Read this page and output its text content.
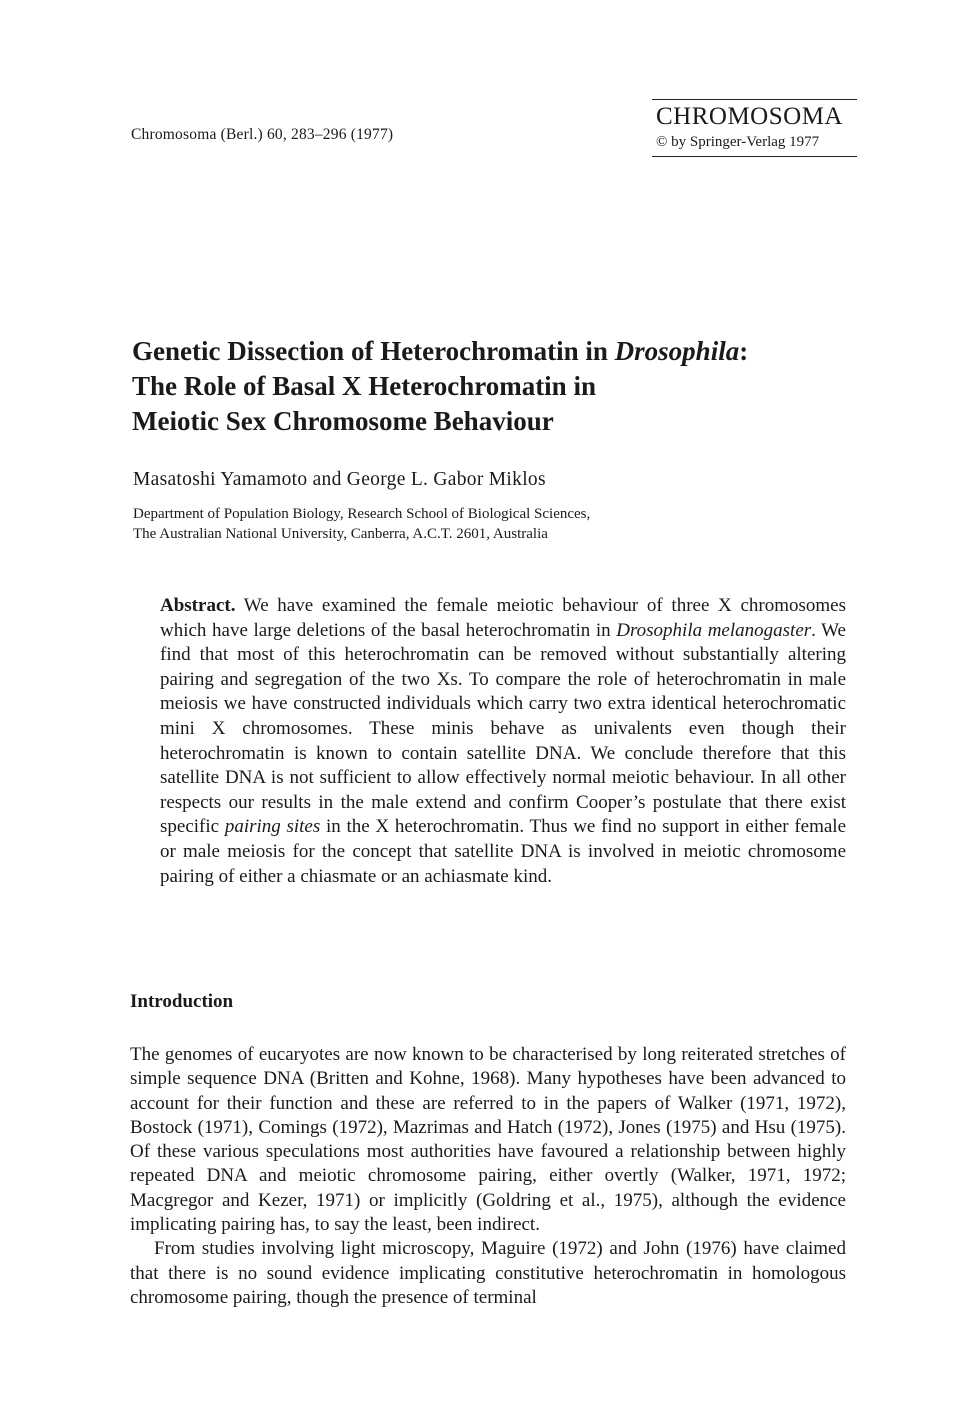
Chromosoma (Berl.) 60, 283–296 (1977)
CHROMOSOMA
© by Springer-Verlag 1977
Genetic Dissection of Heterochromatin in Drosophila:
The Role of Basal X Heterochromatin in
Meiotic Sex Chromosome Behaviour
Masatoshi Yamamoto and George L. Gabor Miklos
Department of Population Biology, Research School of Biological Sciences,
The Australian National University, Canberra, A.C.T. 2601, Australia

Abstract. We have examined the female meiotic behaviour of three X chromosomes which have large deletions of the basal heterochromatin in Drosophila melanogaster. We find that most of this heterochromatin can be removed without substantially altering pairing and segregation of the two Xs. To compare the role of heterochromatin in male meiosis we have constructed individuals which carry two extra identical heterochromatic mini X chromosomes. These minis behave as univalents even though their heterochromatin is known to contain satellite DNA. We conclude therefore that this satellite DNA is not sufficient to allow effectively normal meiotic behaviour. In all other respects our results in the male extend and confirm Cooper’s postulate that there exist specific pairing sites in the X heterochromatin. Thus we find no support in either female or male meiosis for the concept that satellite DNA is involved in meiotic chromosome pairing of either a chiasmate or an achiasmate kind.

Introduction

The genomes of eucaryotes are now known to be characterised by long reiterated stretches of simple sequence DNA (Britten and Kohne, 1968). Many hypotheses have been advanced to account for their function and these are referred to in the papers of Walker (1971, 1972), Bostock (1971), Comings (1972), Mazrimas and Hatch (1972), Jones (1975) and Hsu (1975). Of these various speculations most authorities have favoured a relationship between highly repeated DNA and meiotic chromosome pairing, either overtly (Walker, 1971, 1972; Macgregor and Kezer, 1971) or implicitly (Goldring et al., 1975), although the evidence implicating pairing has, to say the least, been indirect.

From studies involving light microscopy, Maguire (1972) and John (1976) have claimed that there is no sound evidence implicating constitutive heterochromatin in homologous chromosome pairing, though the presence of terminal
